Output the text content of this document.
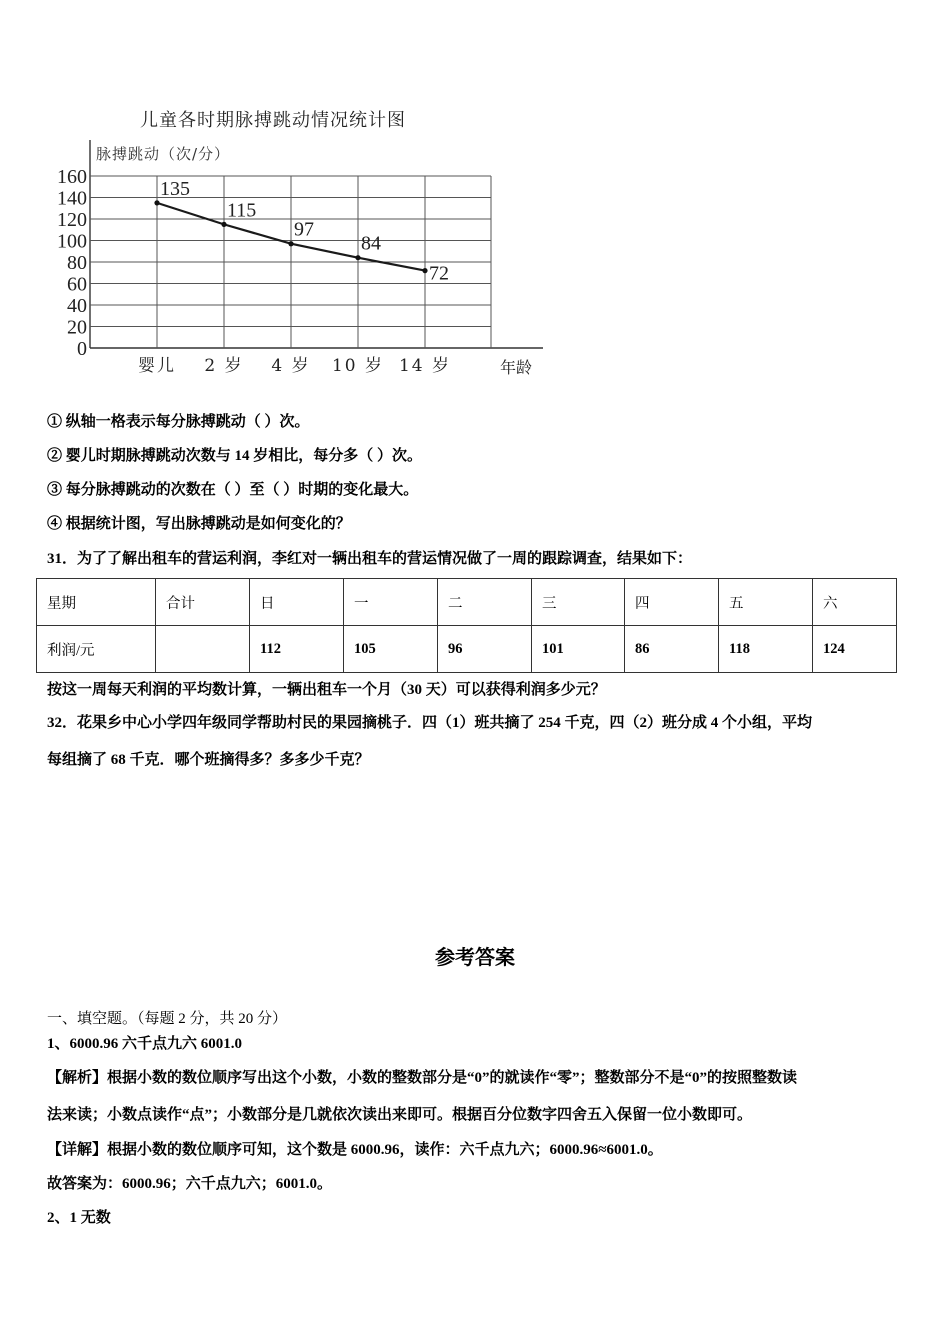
儿童各时期脉搏跳动情况统计图
脉搏跳动（次/分）
0
20
40
60
80
100
120
140
160
婴儿 2 岁 4 岁 10 岁 14 岁	年龄
135
115
97
84
72
① 纵轴一格表示每分脉搏跳动（ ）次。
② 婴儿时期脉搏跳动次数与 14 岁相比，每分多（ ）次。
③ 每分脉搏跳动的次数在（ ）至（ ）时期的变化最大。
④ 根据统计图，写出脉搏跳动是如何变化的？
31．为了了解出租车的营运利润，李红对一辆出租车的营运情况做了一周的跟踪调查，结果如下：
星期	合计	日	一	二	三	四	五	六
利润/元		112	105	96	101	86	118	124
按这一周每天利润的平均数计算，一辆出租车一个月（30 天）可以获得利润多少元？
32．花果乡中心小学四年级同学帮助村民的果园摘桃子．四（1）班共摘了 254 千克，四（2）班分成 4 个小组，平均
每组摘了 68 千克．哪个班摘得多？多多少千克？
参考答案
一、填空题。（每题 2 分，共 20 分）
1、6000.96 六千点九六 6001.0
【解析】根据小数的数位顺序写出这个小数，小数的整数部分是“0”的就读作“零”；整数部分不是“0”的按照整数读
法来读；小数点读作“点”；小数部分是几就依次读出来即可。根据百分位数字四舍五入保留一位小数即可。
【详解】根据小数的数位顺序可知，这个数是 6000.96，读作：六千点九六；6000.96≈6001.0。
故答案为：6000.96；六千点九六；6001.0。
2、1 无数
